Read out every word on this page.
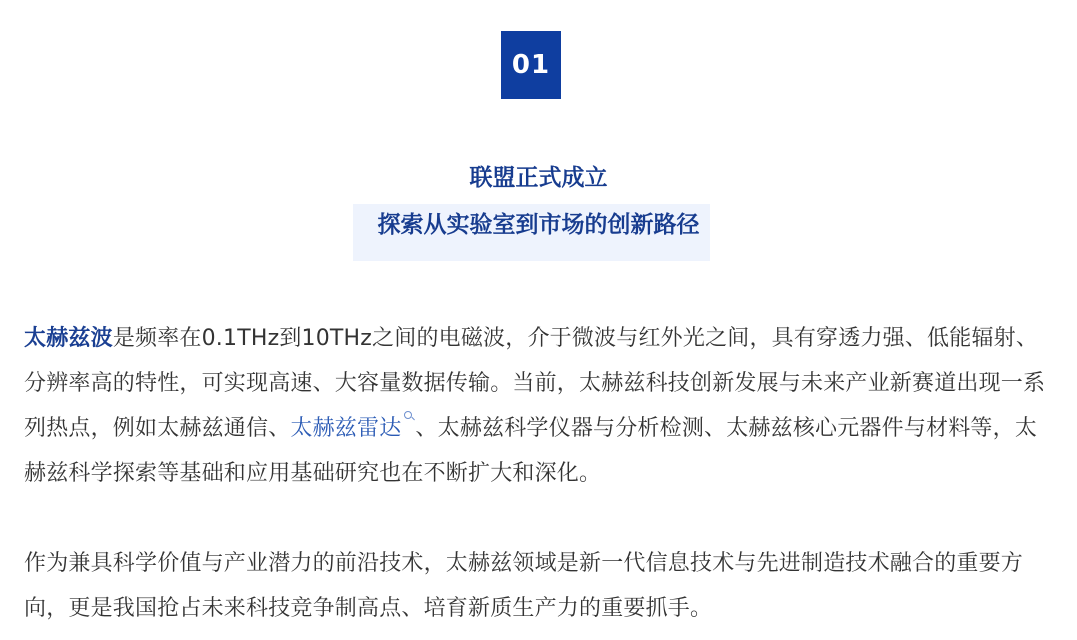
01
联盟正式成立
探索从实验室到市场的创新路径

太赫兹波是频率在0.1THz到10THz之间的电磁波，介于微波与红外光之间，具有穿透力强、低能辐射、分辨率高的特性，可实现高速、大容量数据传输。当前，太赫兹科技创新发展与未来产业新赛道出现一系列热点，例如太赫兹通信、太赫兹雷达 、太赫兹科学仪器与分析检测、太赫兹核心元器件与材料等，太赫兹科学探索等基础和应用基础研究也在不断扩大和深化。

作为兼具科学价值与产业潜力的前沿技术，太赫兹领域是新一代信息技术与先进制造技术融合的重要方向，更是我国抢占未来科技竞争制高点、培育新质生产力的重要抓手。
